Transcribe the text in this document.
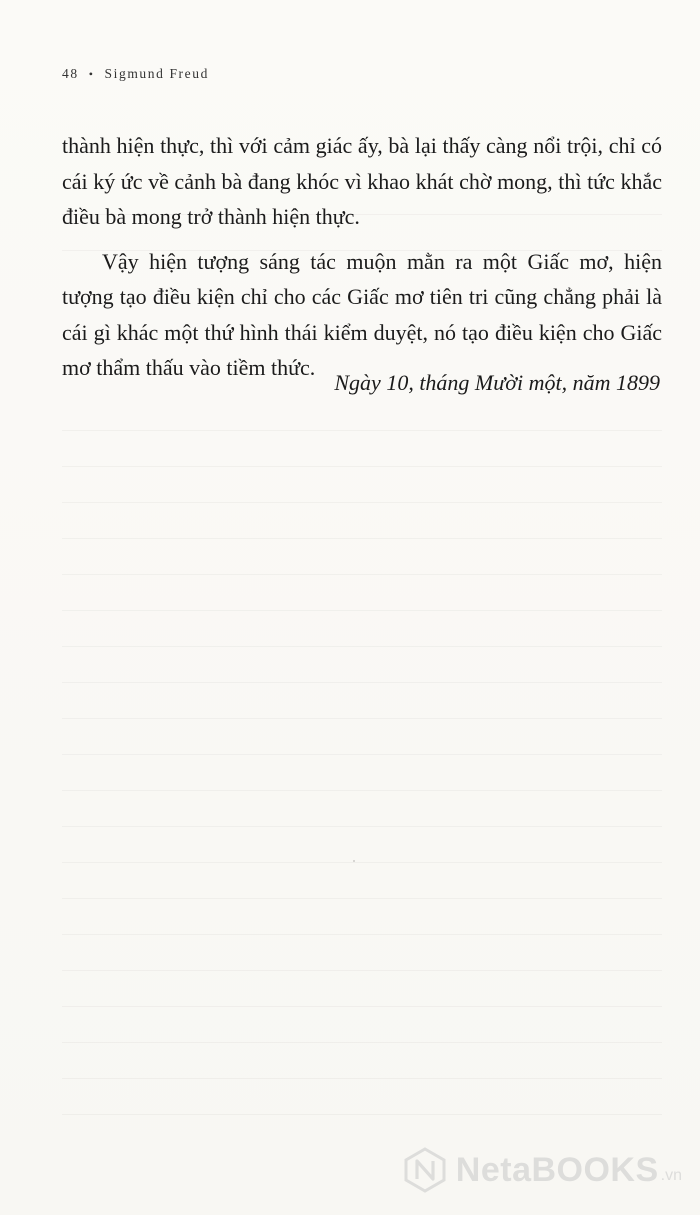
48 • Sigmund Freud

thành hiện thực, thì với cảm giác ấy, bà lại thấy càng nổi trội, chỉ có cái ký ức về cảnh bà đang khóc vì khao khát chờ mong, thì tức khắc điều bà mong trở thành hiện thực.

Vậy hiện tượng sáng tác muộn mằn ra một Giấc mơ, hiện tượng tạo điều kiện chỉ cho các Giấc mơ tiên tri cũng chẳng phải là cái gì khác một thứ hình thái kiểm duyệt, nó tạo điều kiện cho Giấc mơ thẩm thấu vào tiềm thức.

Ngày 10, tháng Mười một, năm 1899
NetaBOOKS .vn
